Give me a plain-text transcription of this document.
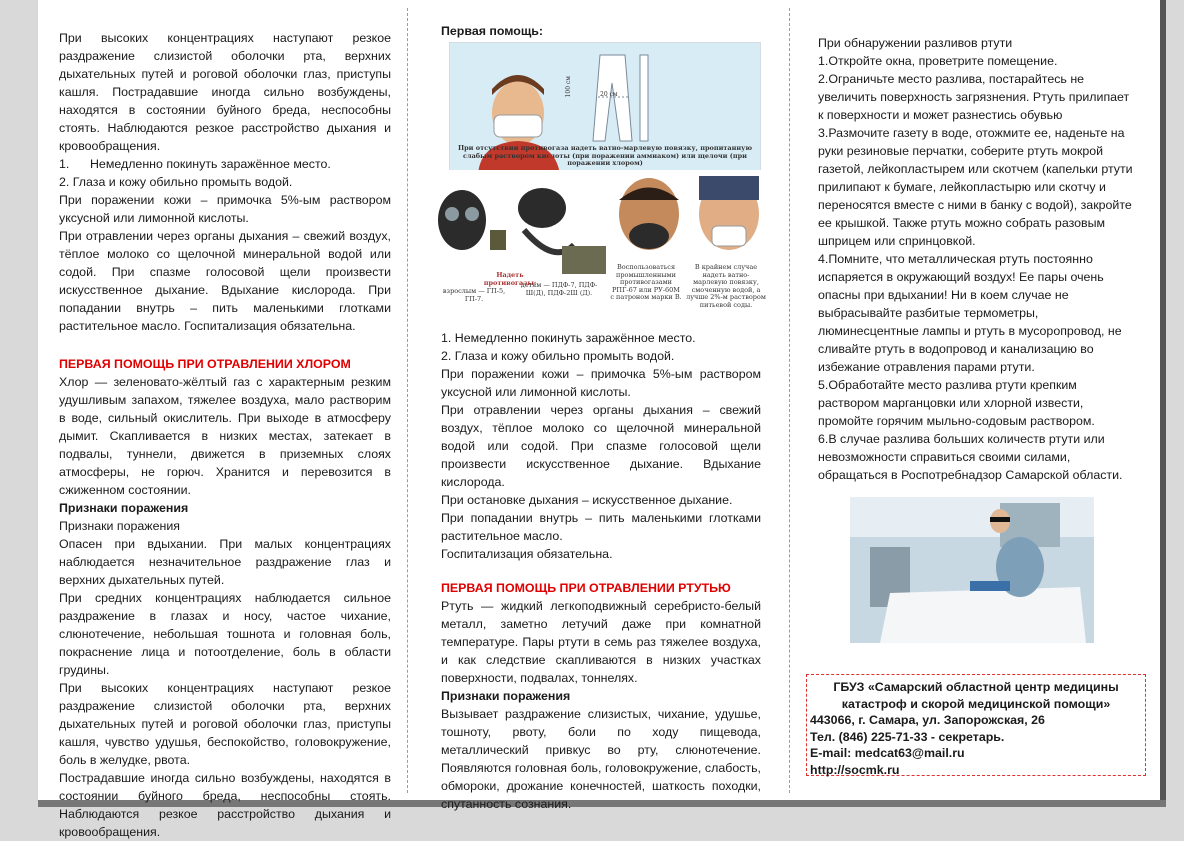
При высоких концентрациях наступают резкое раздражение слизистой оболочки рта, верхних дыхательных путей и роговой оболочки глаз, приступы кашля. Пострадавшие иногда сильно возбуждены, находятся в состоянии буйного бреда, неспособны стоять. Наблюдаются резкое расстройство дыхания и кровообращения.

1.      Немедленно покинуть заражённое место.

2. Глаза и кожу обильно промыть водой.

При поражении кожи – примочка 5%-ым раствором уксусной или лимонной кислоты.

При отравлении через органы дыхания – свежий воздух, тёплое молоко со щелочной минеральной водой или содой. При спазме голосовой щели произвести искусственное дыхание. Вдыхание кислорода. При попадании внутрь – пить маленькими глотками растительное масло. Госпитализация обязательна.

ПЕРВАЯ ПОМОЩЬ ПРИ ОТРАВЛЕНИИ ХЛОРОМ

Хлор — зеленовато-жёлтый газ с характерным резким удушливым запахом, тяжелее воздуха, мало растворим в воде, сильный окислитель. При выходе в атмосферу дымит. Скапливается в низких местах, затекает в подвалы, туннели, движется в приземных слоях атмосферы, не горюч. Хранится и перевозится в сжиженном состоянии.

Признаки поражения

Признаки поражения

Опасен при вдыхании. При малых концентрациях наблюдается незначительное раздражение глаз и верхних дыхательных путей.

При средних концентрациях наблюдается сильное раздражение в глазах и носу, частое чихание, слюнотечение, небольшая тошнота и головная боль, покраснение лица и потоотделение, боль в области грудины.

При высоких концентрациях наступают резкое раздражение слизистой оболочки рта, верхних дыхательных путей и роговой оболочки глаз, приступы кашля, чувство удушья, беспокойство, головокружение, боль в желудке, рвота.

Пострадавшие иногда сильно возбуждены, находятся в состоянии буйного бреда, неспособны стоять. Наблюдаются резкое расстройство дыхания и кровообращения.

Первая помощь:

100 см	20 см
При отсутствии противогаза надеть ватно-марлевую повязку, пропитанную слабым раствором кислоты (при поражении аммиаком) или щелочи (при поражении хлором)
Надеть противогазы:
взрослым — ГП-5, ГП-7.
детям — ПДФ-7, ПДФ-Ш(Д), ПДФ-2Ш (Д).
Воспользоваться промышленными противогазами РПГ-67 или РУ-60М с патроном марки В.
В крайнем случае надеть ватно-марлевую повязку, смоченную водой, а лучше 2%-м раствором питьевой соды.

1. Немедленно покинуть заражённое место.

2. Глаза и кожу обильно промыть водой.

При поражении кожи – примочка 5%-ым раствором уксусной или лимонной кислоты.

При отравлении через органы дыхания – свежий воздух, тёплое молоко со щелочной минеральной водой или содой. При спазме голосовой щели произвести искусственное дыхание. Вдыхание кислорода.

При остановке дыхания – искусственное дыхание.

При попадании внутрь – пить маленькими глотками растительное масло.

Госпитализация обязательна.

ПЕРВАЯ ПОМОЩЬ ПРИ ОТРАВЛЕНИИ РТУТЬЮ

Ртуть — жидкий легкоподвижный серебристо-белый металл, заметно летучий даже при комнатной температуре. Пары ртути в семь раз тяжелее воздуха, и как следствие скапливаются в низких участках поверхности, подвалах, тоннелях.

Признаки поражения

Вызывает раздражение слизистых, чихание, удушье, тошноту, рвоту, боли по ходу пищевода, металлический привкус во рту, слюнотечение. Появляются головная боль, головокружение, слабость, обмороки, дрожание конечностей, шаткость походки, спутанность сознания.

При обнаружении разливов ртути

1.Откройте окна, проветрите помещение.

2.Ограничьте место разлива, постарайтесь не увеличить поверхность загрязнения. Ртуть прилипает к поверхности и может разнестись обувью

3.Размочите газету в воде, отожмите ее, наденьте на руки резиновые перчатки, соберите ртуть мокрой газетой, лейкопластырем или скотчем (капельки ртути прилипают к бумаге, лейкопластырю или скотчу и переносятся вместе с ними в банку с водой), закройте ее крышкой. Также ртуть можно собрать разовым шприцем или спринцовкой.

4.Помните, что металлическая ртуть постоянно испаряется в окружающий воздух! Ее пары очень опасны при вдыхании! Ни в коем случае не выбрасывайте разбитые термометры, люминесцентные лампы и ртуть в мусоропровод, не сливайте ртуть в водопровод и канализацию во избежание отравления парами ртути.

5.Обработайте место разлива ртути крепким раствором марганцовки или хлорной извести, промойте горячим мыльно-содовым раствором.

6.В случае разлива больших количеств ртути или невозможности справиться своими силами, обращаться в Роспотребнадзор Самарской области.

ГБУЗ «Самарский областной центр медицины

катастроф и скорой медицинской помощи»

443066, г. Самара, ул. Запорожская, 26

Тел. (846) 225-71-33 - секретарь.

E-mail: medcat63@mail.ru

http://socmk.ru
